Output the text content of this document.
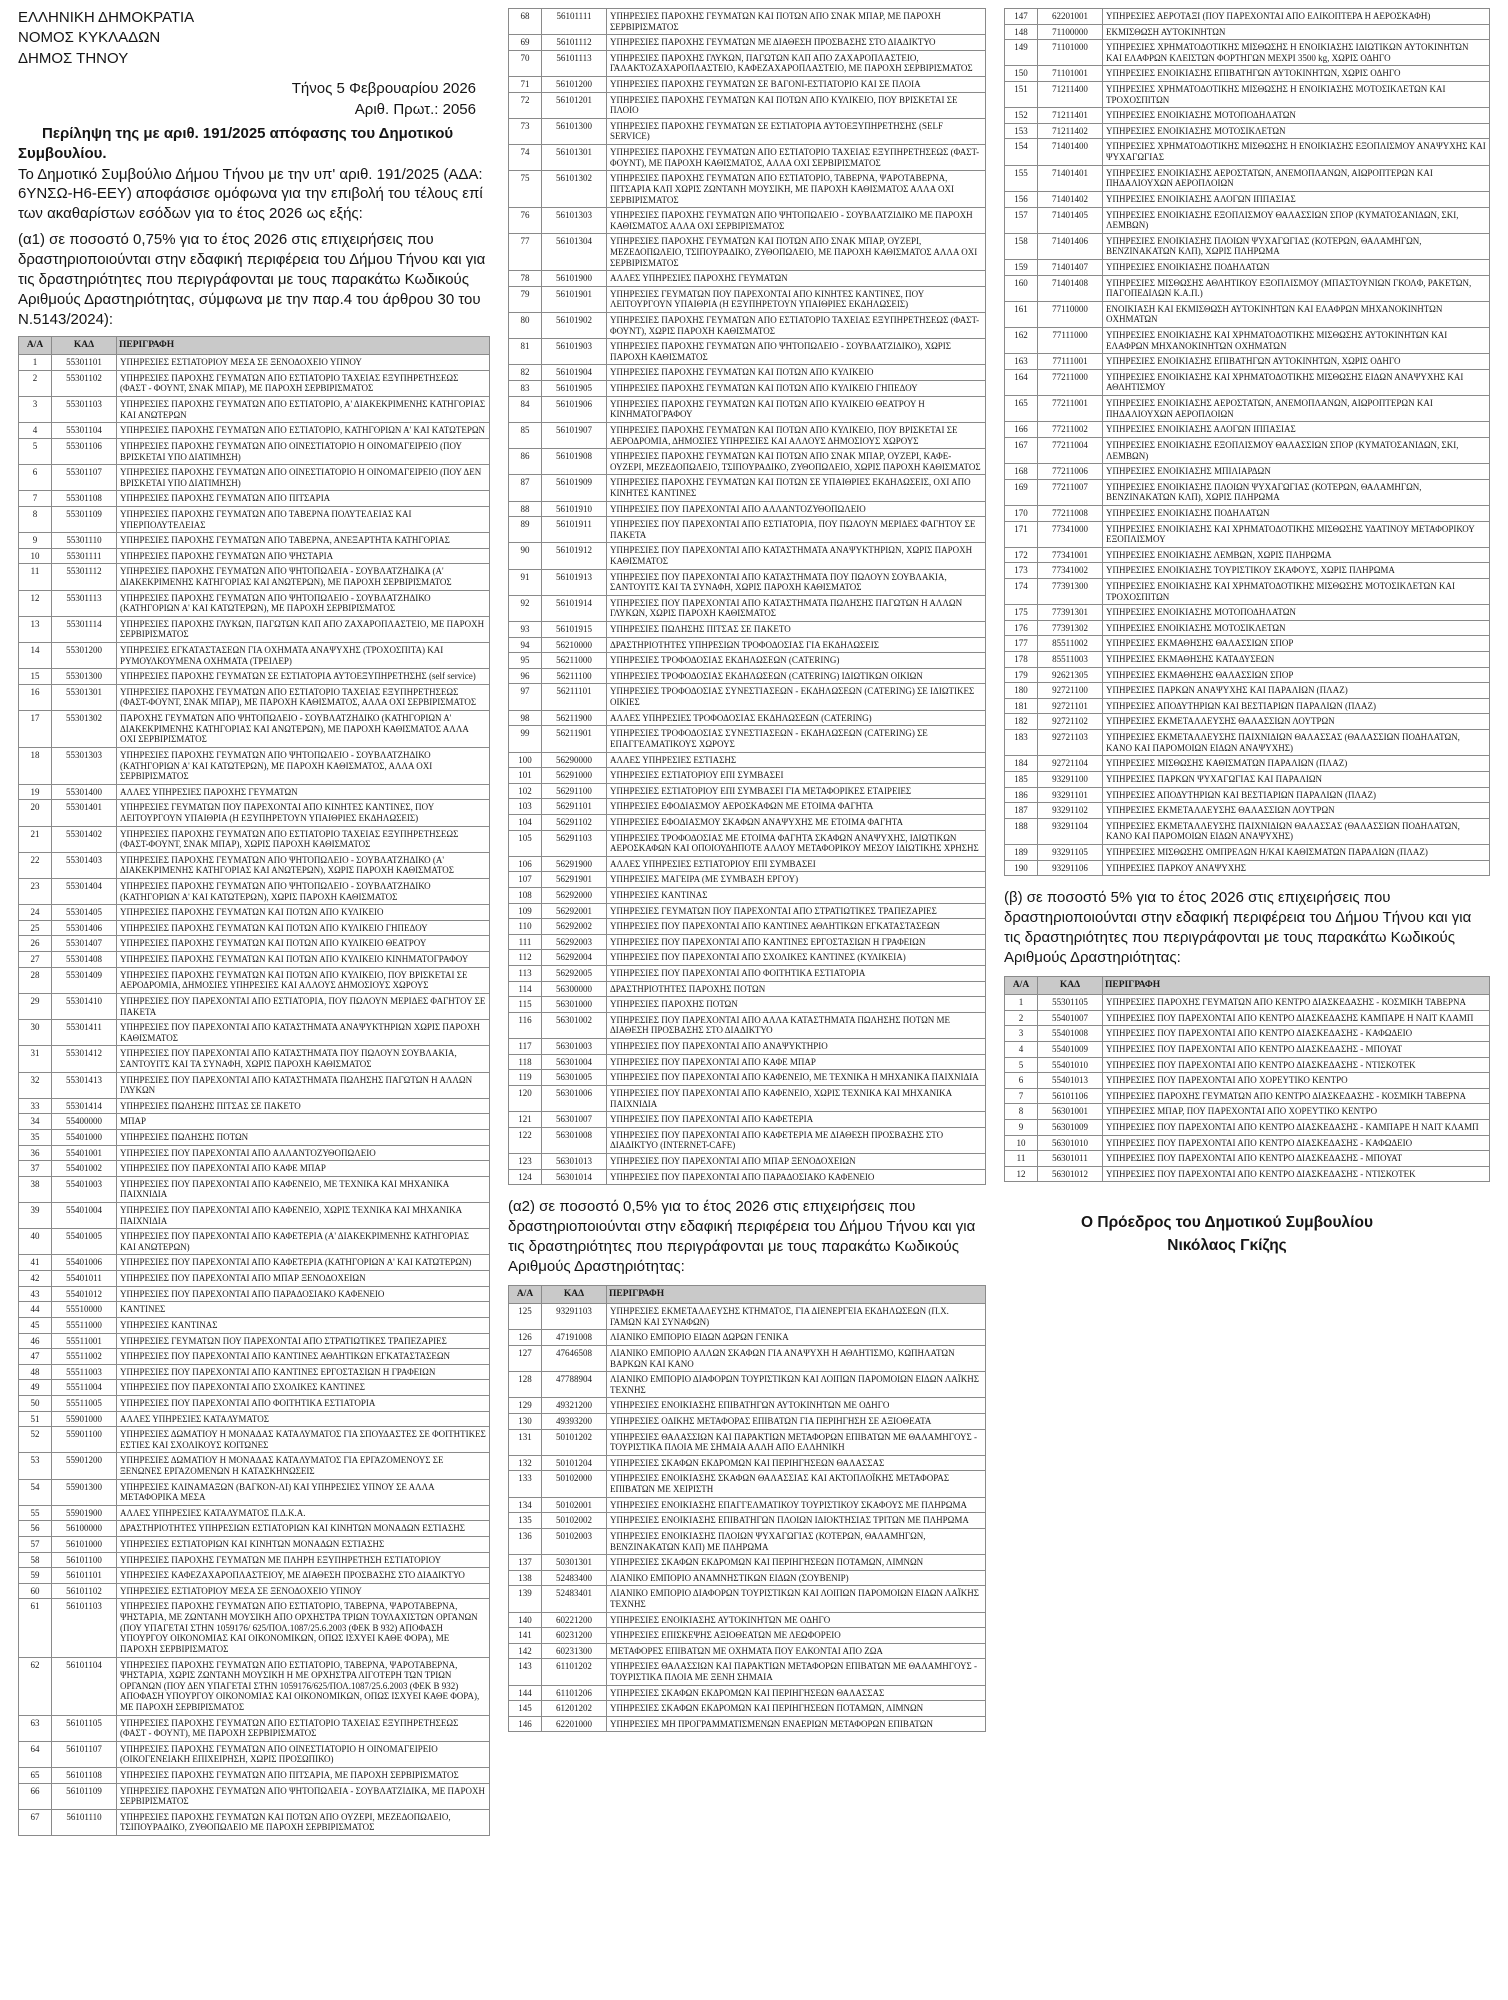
ΕΛΛΗΝΙΚΗ ΔΗΜΟΚΡΑΤΙΑ
ΝΟΜΟΣ ΚΥΚΛΑΔΩΝ
ΔΗΜΟΣ ΤΗΝΟΥ
Τήνος 5 Φεβρουαρίου 2026
Αριθ. Πρωτ.: 2056

Περίληψη της με αριθ. 191/2025 απόφασης του Δημοτικού Συμβουλίου.

Το Δημοτικό Συμβούλιο Δήμου Τήνου με την υπ' αριθ. 191/2025 (ΑΔΑ: 6ΥΝΣΩ-Η6-ΕΕΥ) αποφάσισε ομόφωνα για την επιβολή του τέλους επί των ακαθαρίστων εσόδων για το έτος 2026 ως εξής:

(α1) σε ποσοστό 0,75% για το έτος 2026 στις επιχειρήσεις που δραστηριοποιούνται στην εδαφική περιφέρεια του Δήμου Τήνου και για τις δραστηριότητες που περιγράφονται με τους παρακάτω Κωδικούς Αριθμούς Δραστηριότητας, σύμφωνα με την παρ.4 του άρθρου 30 του Ν.5143/2024):

Α/Α	ΚΑΔ	ΠΕΡΙΓΡΑΦΗ
1	55301101	ΥΠΗΡΕΣΙΕΣ ΕΣΤΙΑΤΟΡΙΟΥ ΜΕΣΑ ΣΕ ΞΕΝΟΔΟΧΕΙΟ ΥΠΝΟΥ
2	55301102	ΥΠΗΡΕΣΙΕΣ ΠΑΡΟΧΗΣ ΓΕΥΜΑΤΩΝ ΑΠΟ ΕΣΤΙΑΤΟΡΙΟ ΤΑΧΕΙΑΣ ΕΞΥΠΗΡΕΤΗΣΕΩΣ (ΦΑΣΤ - ΦΟΥΝΤ, ΣΝΑΚ ΜΠΑΡ), ΜΕ ΠΑΡΟΧΗ ΣΕΡΒΙΡΙΣΜΑΤΟΣ
3	55301103	ΥΠΗΡΕΣΙΕΣ ΠΑΡΟΧΗΣ ΓΕΥΜΑΤΩΝ ΑΠΟ ΕΣΤΙΑΤΟΡΙΟ, Α' ΔΙΑΚΕΚΡΙΜΕΝΗΣ ΚΑΤΗΓΟΡΙΑΣ ΚΑΙ ΑΝΩΤΕΡΩΝ
4	55301104	ΥΠΗΡΕΣΙΕΣ ΠΑΡΟΧΗΣ ΓΕΥΜΑΤΩΝ ΑΠΟ ΕΣΤΙΑΤΟΡΙΟ, ΚΑΤΗΓΟΡΙΩΝ Α' ΚΑΙ ΚΑΤΩΤΕΡΩΝ
5	55301106	ΥΠΗΡΕΣΙΕΣ ΠΑΡΟΧΗΣ ΓΕΥΜΑΤΩΝ ΑΠΟ ΟΙΝΕΣΤΙΑΤΟΡΙΟ Η ΟΙΝΟΜΑΓΕΙΡΕΙΟ (ΠΟΥ ΒΡΙΣΚΕΤΑΙ ΥΠΟ ΔΙΑΤΙΜΗΣΗ)
6	55301107	ΥΠΗΡΕΣΙΕΣ ΠΑΡΟΧΗΣ ΓΕΥΜΑΤΩΝ ΑΠΟ ΟΙΝΕΣΤΙΑΤΟΡΙΟ Η ΟΙΝΟΜΑΓΕΙΡΕΙΟ (ΠΟΥ ΔΕΝ ΒΡΙΣΚΕΤΑΙ ΥΠΟ ΔΙΑΤΙΜΗΣΗ)
7	55301108	ΥΠΗΡΕΣΙΕΣ ΠΑΡΟΧΗΣ ΓΕΥΜΑΤΩΝ ΑΠΟ ΠΙΤΣΑΡΙΑ
8	55301109	ΥΠΗΡΕΣΙΕΣ ΠΑΡΟΧΗΣ ΓΕΥΜΑΤΩΝ ΑΠΟ ΤΑΒΕΡΝΑ ΠΟΛΥΤΕΛΕΙΑΣ ΚΑΙ ΥΠΕΡΠΟΛΥΤΕΛΕΙΑΣ
9	55301110	ΥΠΗΡΕΣΙΕΣ ΠΑΡΟΧΗΣ ΓΕΥΜΑΤΩΝ ΑΠΟ ΤΑΒΕΡΝΑ, ΑΝΕΞΑΡΤΗΤΑ ΚΑΤΗΓΟΡΙΑΣ
10	55301111	ΥΠΗΡΕΣΙΕΣ ΠΑΡΟΧΗΣ ΓΕΥΜΑΤΩΝ ΑΠΟ ΨΗΣΤΑΡΙΑ
11	55301112	ΥΠΗΡΕΣΙΕΣ ΠΑΡΟΧΗΣ ΓΕΥΜΑΤΩΝ ΑΠΟ ΨΗΤΟΠΩΛΕΙΑ - ΣΟΥΒΛΑΤΖΗΔΙΚΑ (Α' ΔΙΑΚΕΚΡΙΜΕΝΗΣ ΚΑΤΗΓΟΡΙΑΣ ΚΑΙ ΑΝΩΤΕΡΩΝ), ΜΕ ΠΑΡΟΧΗ ΣΕΡΒΙΡΙΣΜΑΤΟΣ
12	55301113	ΥΠΗΡΕΣΙΕΣ ΠΑΡΟΧΗΣ ΓΕΥΜΑΤΩΝ ΑΠΟ ΨΗΤΟΠΩΛΕΙΟ - ΣΟΥΒΛΑΤΖΗΔΙΚΟ (ΚΑΤΗΓΟΡΙΩΝ Α' ΚΑΙ ΚΑΤΩΤΕΡΩΝ), ΜΕ ΠΑΡΟΧΗ ΣΕΡΒΙΡΙΣΜΑΤΟΣ
13	55301114	ΥΠΗΡΕΣΙΕΣ ΠΑΡΟΧΗΣ ΓΛΥΚΩΝ, ΠΑΓΩΤΩΝ ΚΛΠ ΑΠΟ ΖΑΧΑΡΟΠΛΑΣΤΕΙΟ, ΜΕ ΠΑΡΟΧΗ ΣΕΡΒΙΡΙΣΜΑΤΟΣ
14	55301200	ΥΠΗΡΕΣΙΕΣ ΕΓΚΑΤΑΣΤΑΣΕΩΝ ΓΙΑ ΟΧΗΜΑΤΑ ΑΝΑΨΥΧΗΣ (ΤΡΟΧΟΣΠΙΤΑ) ΚΑΙ ΡΥΜΟΥΛΚΟΥΜΕΝΑ ΟΧΗΜΑΤΑ (ΤΡΕΙΛΕΡ)
15	55301300	ΥΠΗΡΕΣΙΕΣ ΠΑΡΟΧΗΣ ΓΕΥΜΑΤΩΝ ΣΕ ΕΣΤΙΑΤΟΡΙΑ ΑΥΤΟΕΞΥΠΗΡΕΤΗΣΗΣ (self service)
16	55301301	ΥΠΗΡΕΣΙΕΣ ΠΑΡΟΧΗΣ ΓΕΥΜΑΤΩΝ ΑΠΟ ΕΣΤΙΑΤΟΡΙΟ ΤΑΧΕΙΑΣ ΕΞΥΠΗΡΕΤΗΣΕΩΣ (ΦΑΣΤ-ΦΟΥΝΤ, ΣΝΑΚ ΜΠΑΡ), ΜΕ ΠΑΡΟΧΗ ΚΑΘΙΣΜΑΤΟΣ, ΑΛΛΑ ΟΧΙ ΣΕΡΒΙΡΙΣΜΑΤΟΣ
17	55301302	ΠΑΡΟΧΗΣ ΓΕΥΜΑΤΩΝ ΑΠΟ ΨΗΤΟΠΩΛΕΙΟ - ΣΟΥΒΛΑΤΖΗΔΙΚΟ (ΚΑΤΗΓΟΡΙΩΝ Α' ΔΙΑΚΕΚΡΙΜΕΝΗΣ ΚΑΤΗΓΟΡΙΑΣ ΚΑΙ ΑΝΩΤΕΡΩΝ), ΜΕ ΠΑΡΟΧΗ ΚΑΘΙΣΜΑΤΟΣ ΑΛΛΑ ΟΧΙ ΣΕΡΒΙΡΙΣΜΑΤΟΣ
18	55301303	ΥΠΗΡΕΣΙΕΣ ΠΑΡΟΧΗΣ ΓΕΥΜΑΤΩΝ ΑΠΟ ΨΗΤΟΠΩΛΕΙΟ - ΣΟΥΒΛΑΤΖΗΔΙΚΟ (ΚΑΤΗΓΟΡΙΩΝ Α' ΚΑΙ ΚΑΤΩΤΕΡΩΝ), ΜΕ ΠΑΡΟΧΗ ΚΑΘΙΣΜΑΤΟΣ, ΑΛΛΑ ΟΧΙ ΣΕΡΒΙΡΙΣΜΑΤΟΣ
19	55301400	ΑΛΛΕΣ ΥΠΗΡΕΣΙΕΣ ΠΑΡΟΧΗΣ ΓΕΥΜΑΤΩΝ
20	55301401	ΥΠΗΡΕΣΙΕΣ ΓΕΥΜΑΤΩΝ ΠΟΥ ΠΑΡΕΧΟΝΤΑΙ ΑΠΟ ΚΙΝΗΤΕΣ ΚΑΝΤΙΝΕΣ, ΠΟΥ ΛΕΙΤΟΥΡΓΟΥΝ ΥΠΑΙΘΡΙΑ (Η ΕΞΥΠΗΡΕΤΟΥΝ ΥΠΑΙΘΡΙΕΣ ΕΚΔΗΛΩΣΕΙΣ)
21	55301402	ΥΠΗΡΕΣΙΕΣ ΠΑΡΟΧΗΣ ΓΕΥΜΑΤΩΝ ΑΠΟ ΕΣΤΙΑΤΟΡΙΟ ΤΑΧΕΙΑΣ ΕΞΥΠΗΡΕΤΗΣΕΩΣ (ΦΑΣΤ-ΦΟΥΝΤ, ΣΝΑΚ ΜΠΑΡ), ΧΩΡΙΣ ΠΑΡΟΧΗ ΚΑΘΙΣΜΑΤΟΣ
22	55301403	ΥΠΗΡΕΣΙΕΣ ΠΑΡΟΧΗΣ ΓΕΥΜΑΤΩΝ ΑΠΟ ΨΗΤΟΠΩΛΕΙΟ - ΣΟΥΒΛΑΤΖΗΔΙΚΟ (Α' ΔΙΑΚΕΚΡΙΜΕΝΗΣ ΚΑΤΗΓΟΡΙΑΣ ΚΑΙ ΑΝΩΤΕΡΩΝ), ΧΩΡΙΣ ΠΑΡΟΧΗ ΚΑΘΙΣΜΑΤΟΣ
23	55301404	ΥΠΗΡΕΣΙΕΣ ΠΑΡΟΧΗΣ ΓΕΥΜΑΤΩΝ ΑΠΟ ΨΗΤΟΠΩΛΕΙΟ - ΣΟΥΒΛΑΤΖΗΔΙΚΟ (ΚΑΤΗΓΟΡΙΩΝ Α' ΚΑΙ ΚΑΤΩΤΕΡΩΝ), ΧΩΡΙΣ ΠΑΡΟΧΗ ΚΑΘΙΣΜΑΤΟΣ
24	55301405	ΥΠΗΡΕΣΙΕΣ ΠΑΡΟΧΗΣ ΓΕΥΜΑΤΩΝ ΚΑΙ ΠΟΤΩΝ ΑΠΟ ΚΥΛΙΚΕΙΟ
25	55301406	ΥΠΗΡΕΣΙΕΣ ΠΑΡΟΧΗΣ ΓΕΥΜΑΤΩΝ ΚΑΙ ΠΟΤΩΝ ΑΠΟ ΚΥΛΙΚΕΙΟ ΓΗΠΕΔΟΥ
26	55301407	ΥΠΗΡΕΣΙΕΣ ΠΑΡΟΧΗΣ ΓΕΥΜΑΤΩΝ ΚΑΙ ΠΟΤΩΝ ΑΠΟ ΚΥΛΙΚΕΙΟ ΘΕΑΤΡΟΥ
27	55301408	ΥΠΗΡΕΣΙΕΣ ΠΑΡΟΧΗΣ ΓΕΥΜΑΤΩΝ ΚΑΙ ΠΟΤΩΝ ΑΠΟ ΚΥΛΙΚΕΙΟ ΚΙΝΗΜΑΤΟΓΡΑΦΟΥ
28	55301409	ΥΠΗΡΕΣΙΕΣ ΠΑΡΟΧΗΣ ΓΕΥΜΑΤΩΝ ΚΑΙ ΠΟΤΩΝ ΑΠΟ ΚΥΛΙΚΕΙΟ, ΠΟΥ ΒΡΙΣΚΕΤΑΙ ΣΕ ΑΕΡΟΔΡΟΜΙΑ, ΔΗΜΟΣΙΕΣ ΥΠΗΡΕΣΙΕΣ ΚΑΙ ΑΛΛΟΥΣ ΔΗΜΟΣΙΟΥΣ ΧΩΡΟΥΣ
29	55301410	ΥΠΗΡΕΣΙΕΣ ΠΟΥ ΠΑΡΕΧΟΝΤΑΙ ΑΠΟ ΕΣΤΙΑΤΟΡΙΑ, ΠΟΥ ΠΩΛΟΥΝ ΜΕΡΙΔΕΣ ΦΑΓΗΤΟΥ ΣΕ ΠΑΚΕΤΑ
30	55301411	ΥΠΗΡΕΣΙΕΣ ΠΟΥ ΠΑΡΕΧΟΝΤΑΙ ΑΠΟ ΚΑΤΑΣΤΗΜΑΤΑ ΑΝΑΨΥΚΤΗΡΙΩΝ ΧΩΡΙΣ ΠΑΡΟΧΗ ΚΑΘΙΣΜΑΤΟΣ
31	55301412	ΥΠΗΡΕΣΙΕΣ ΠΟΥ ΠΑΡΕΧΟΝΤΑΙ ΑΠΟ ΚΑΤΑΣΤΗΜΑΤΑ ΠΟΥ ΠΩΛΟΥΝ ΣΟΥΒΛΑΚΙΑ, ΣΑΝΤΟΥΙΤΣ ΚΑΙ ΤΑ ΣΥΝΑΦΗ, ΧΩΡΙΣ ΠΑΡΟΧΗ ΚΑΘΙΣΜΑΤΟΣ
32	55301413	ΥΠΗΡΕΣΙΕΣ ΠΟΥ ΠΑΡΕΧΟΝΤΑΙ ΑΠΟ ΚΑΤΑΣΤΗΜΑΤΑ ΠΩΛΗΣΗΣ ΠΑΓΩΤΩΝ Η ΑΛΛΩΝ ΓΛΥΚΩΝ
33	55301414	ΥΠΗΡΕΣΙΕΣ ΠΩΛΗΣΗΣ ΠΙΤΣΑΣ ΣΕ ΠΑΚΕΤΟ
34	55400000	ΜΠΑΡ
35	55401000	ΥΠΗΡΕΣΙΕΣ ΠΩΛΗΣΗΣ ΠΟΤΩΝ
36	55401001	ΥΠΗΡΕΣΙΕΣ ΠΟΥ ΠΑΡΕΧΟΝΤΑΙ ΑΠΟ ΑΛΛΑΝΤΟΖΥΘΟΠΩΛΕΙΟ
37	55401002	ΥΠΗΡΕΣΙΕΣ ΠΟΥ ΠΑΡΕΧΟΝΤΑΙ ΑΠΟ ΚΑΦΕ ΜΠΑΡ
38	55401003	ΥΠΗΡΕΣΙΕΣ ΠΟΥ ΠΑΡΕΧΟΝΤΑΙ ΑΠΟ ΚΑΦΕΝΕΙΟ, ΜΕ ΤΕΧΝΙΚΑ ΚΑΙ ΜΗΧΑΝΙΚΑ ΠΑΙΧΝΙΔΙΑ
39	55401004	ΥΠΗΡΕΣΙΕΣ ΠΟΥ ΠΑΡΕΧΟΝΤΑΙ ΑΠΟ ΚΑΦΕΝΕΙΟ, ΧΩΡΙΣ ΤΕΧΝΙΚΑ ΚΑΙ ΜΗΧΑΝΙΚΑ ΠΑΙΧΝΙΔΙΑ
40	55401005	ΥΠΗΡΕΣΙΕΣ ΠΟΥ ΠΑΡΕΧΟΝΤΑΙ ΑΠΟ ΚΑΦΕΤΕΡΙΑ (Α' ΔΙΑΚΕΚΡΙΜΕΝΗΣ ΚΑΤΗΓΟΡΙΑΣ ΚΑΙ ΑΝΩΤΕΡΩΝ)
41	55401006	ΥΠΗΡΕΣΙΕΣ ΠΟΥ ΠΑΡΕΧΟΝΤΑΙ ΑΠΟ ΚΑΦΕΤΕΡΙΑ (ΚΑΤΗΓΟΡΙΩΝ Α' ΚΑΙ ΚΑΤΩΤΕΡΩΝ)
42	55401011	ΥΠΗΡΕΣΙΕΣ ΠΟΥ ΠΑΡΕΧΟΝΤΑΙ ΑΠΟ ΜΠΑΡ ΞΕΝΟΔΟΧΕΙΩΝ
43	55401012	ΥΠΗΡΕΣΙΕΣ ΠΟΥ ΠΑΡΕΧΟΝΤΑΙ ΑΠΟ ΠΑΡΑΔΟΣΙΑΚΟ ΚΑΦΕΝΕΙΟ
44	55510000	ΚΑΝΤΙΝΕΣ
45	55511000	ΥΠΗΡΕΣΙΕΣ ΚΑΝΤΙΝΑΣ
46	55511001	ΥΠΗΡΕΣΙΕΣ ΓΕΥΜΑΤΩΝ ΠΟΥ ΠΑΡΕΧΟΝΤΑΙ ΑΠΟ ΣΤΡΑΤΙΩΤΙΚΕΣ ΤΡΑΠΕΖΑΡΙΕΣ
47	55511002	ΥΠΗΡΕΣΙΕΣ ΠΟΥ ΠΑΡΕΧΟΝΤΑΙ ΑΠΟ ΚΑΝΤΙΝΕΣ ΑΘΛΗΤΙΚΩΝ ΕΓΚΑΤΑΣΤΑΣΕΩΝ
48	55511003	ΥΠΗΡΕΣΙΕΣ ΠΟΥ ΠΑΡΕΧΟΝΤΑΙ ΑΠΟ ΚΑΝΤΙΝΕΣ ΕΡΓΟΣΤΑΣΙΩΝ Η ΓΡΑΦΕΙΩΝ
49	55511004	ΥΠΗΡΕΣΙΕΣ ΠΟΥ ΠΑΡΕΧΟΝΤΑΙ ΑΠΟ ΣΧΟΛΙΚΕΣ ΚΑΝΤΙΝΕΣ
50	55511005	ΥΠΗΡΕΣΙΕΣ ΠΟΥ ΠΑΡΕΧΟΝΤΑΙ ΑΠΟ ΦΟΙΤΗΤΙΚΑ ΕΣΤΙΑΤΟΡΙΑ
51	55901000	ΑΛΛΕΣ ΥΠΗΡΕΣΙΕΣ ΚΑΤΑΛΥΜΑΤΟΣ
52	55901100	ΥΠΗΡΕΣΙΕΣ ΔΩΜΑΤΙΟΥ Η ΜΟΝΑΔΑΣ ΚΑΤΑΛΥΜΑΤΟΣ ΓΙΑ ΣΠΟΥΔΑΣΤΕΣ ΣΕ ΦΟΙΤΗΤΙΚΕΣ ΕΣΤΙΕΣ ΚΑΙ ΣΧΟΛΙΚΟΥΣ ΚΟΙΤΩΝΕΣ
53	55901200	ΥΠΗΡΕΣΙΕΣ ΔΩΜΑΤΙΟΥ Η ΜΟΝΑΔΑΣ ΚΑΤΑΛΥΜΑΤΟΣ ΓΙΑ ΕΡΓΑΖΟΜΕΝΟΥΣ ΣΕ ΞΕΝΩΝΕΣ ΕΡΓΑΖΟΜΕΝΩΝ Η ΚΑΤΑΣΚΗΝΩΣΕΙΣ
54	55901300	ΥΠΗΡΕΣΙΕΣ ΚΛΙΝΑΜΑΞΩΝ (ΒΑΓΚΟΝ-ΛΙ) ΚΑΙ ΥΠΗΡΕΣΙΕΣ ΥΠΝΟΥ ΣΕ ΑΛΛΑ ΜΕΤΑΦΟΡΙΚΑ ΜΕΣΑ
55	55901900	ΑΛΛΕΣ ΥΠΗΡΕΣΙΕΣ ΚΑΤΑΛΥΜΑΤΟΣ Π.Δ.Κ.Α.
56	56100000	ΔΡΑΣΤΗΡΙΟΤΗΤΕΣ ΥΠΗΡΕΣΙΩΝ ΕΣΤΙΑΤΟΡΙΩΝ ΚΑΙ ΚΙΝΗΤΩΝ ΜΟΝΑΔΩΝ ΕΣΤΙΑΣΗΣ
57	56101000	ΥΠΗΡΕΣΙΕΣ ΕΣΤΙΑΤΟΡΙΩΝ ΚΑΙ ΚΙΝΗΤΩΝ ΜΟΝΑΔΩΝ ΕΣΤΙΑΣΗΣ
58	56101100	ΥΠΗΡΕΣΙΕΣ ΠΑΡΟΧΗΣ ΓΕΥΜΑΤΩΝ ΜΕ ΠΛΗΡΗ ΕΞΥΠΗΡΕΤΗΣΗ ΕΣΤΙΑΤΟΡΙΟΥ
59	56101101	ΥΠΗΡΕΣΙΕΣ ΚΑΦΕΖΑΧΑΡΟΠΛΑΣΤΕΙΟΥ, ΜΕ ΔΙΑΘΕΣΗ ΠΡΟΣΒΑΣΗΣ ΣΤΟ ΔΙΑΔΙΚΤΥΟ
60	56101102	ΥΠΗΡΕΣΙΕΣ ΕΣΤΙΑΤΟΡΙΟΥ ΜΕΣΑ ΣΕ ΞΕΝΟΔΟΧΕΙΟ ΥΠΝΟΥ
61	56101103	ΥΠΗΡΕΣΙΕΣ ΠΑΡΟΧΗΣ ΓΕΥΜΑΤΩΝ ΑΠΟ ΕΣΤΙΑΤΟΡΙΟ, ΤΑΒΕΡΝΑ, ΨΑΡΟΤΑΒΕΡΝΑ, ΨΗΣΤΑΡΙΑ, ΜΕ ΖΩΝΤΑΝΗ ΜΟΥΣΙΚΗ ΑΠΟ ΟΡΧΗΣΤΡΑ ΤΡΙΩΝ ΤΟΥΛΑΧΙΣΤΩΝ ΟΡΓΑΝΩΝ (ΠΟΥ ΥΠΑΓΕΤΑΙ ΣΤΗΝ 1059176/ 625/ΠΟΛ.1087/25.6.2003 (ΦΕΚ Β 932) ΑΠΟΦΑΣΗ ΥΠΟΥΡΓΟΥ ΟΙΚΟΝΟΜΙΑΣ ΚΑΙ ΟΙΚΟΝΟΜΙΚΩΝ, ΟΠΩΣ ΙΣΧΥΕΙ ΚΑΘΕ ΦΟΡΑ), ΜΕ ΠΑΡΟΧΗ ΣΕΡΒΙΡΙΣΜΑΤΟΣ
62	56101104	ΥΠΗΡΕΣΙΕΣ ΠΑΡΟΧΗΣ ΓΕΥΜΑΤΩΝ ΑΠΟ ΕΣΤΙΑΤΟΡΙΟ, ΤΑΒΕΡΝΑ, ΨΑΡΟΤΑΒΕΡΝΑ, ΨΗΣΤΑΡΙΑ, ΧΩΡΙΣ ΖΩΝΤΑΝΗ ΜΟΥΣΙΚΗ Η ΜΕ ΟΡΧΗΣΤΡΑ ΛΙΓΟΤΕΡΗ ΤΩΝ ΤΡΙΩΝ ΟΡΓΑΝΩΝ (ΠΟΥ ΔΕΝ ΥΠΑΓΕΤΑΙ ΣΤΗΝ 1059176/625/ΠΟΛ.1087/25.6.2003 (ΦΕΚ Β 932) ΑΠΟΦΑΣΗ ΥΠΟΥΡΓΟΥ ΟΙΚΟΝΟΜΙΑΣ ΚΑΙ ΟΙΚΟΝΟΜΙΚΩΝ, ΟΠΩΣ ΙΣΧΥΕΙ ΚΑΘΕ ΦΟΡΑ), ΜΕ ΠΑΡΟΧΗ ΣΕΡΒΙΡΙΣΜΑΤΟΣ
63	56101105	ΥΠΗΡΕΣΙΕΣ ΠΑΡΟΧΗΣ ΓΕΥΜΑΤΩΝ ΑΠΟ ΕΣΤΙΑΤΟΡΙΟ ΤΑΧΕΙΑΣ ΕΞΥΠΗΡΕΤΗΣΕΩΣ (ΦΑΣΤ - ΦΟΥΝΤ), ΜΕ ΠΑΡΟΧΗ ΣΕΡΒΙΡΙΣΜΑΤΟΣ
64	56101107	ΥΠΗΡΕΣΙΕΣ ΠΑΡΟΧΗΣ ΓΕΥΜΑΤΩΝ ΑΠΟ ΟΙΝΕΣΤΙΑΤΟΡΙΟ Η ΟΙΝΟΜΑΓΕΙΡΕΙΟ (ΟΙΚΟΓΕΝΕΙΑΚΗ ΕΠΙΧΕΙΡΗΣΗ, ΧΩΡΙΣ ΠΡΟΣΩΠΙΚΟ)
65	56101108	ΥΠΗΡΕΣΙΕΣ ΠΑΡΟΧΗΣ ΓΕΥΜΑΤΩΝ ΑΠΟ ΠΙΤΣΑΡΙΑ, ΜΕ ΠΑΡΟΧΗ ΣΕΡΒΙΡΙΣΜΑΤΟΣ
66	56101109	ΥΠΗΡΕΣΙΕΣ ΠΑΡΟΧΗΣ ΓΕΥΜΑΤΩΝ ΑΠΟ ΨΗΤΟΠΩΛΕΙΑ - ΣΟΥΒΛΑΤΖΙΔΙΚΑ, ΜΕ ΠΑΡΟΧΗ ΣΕΡΒΙΡΙΣΜΑΤΟΣ
67	56101110	ΥΠΗΡΕΣΙΕΣ ΠΑΡΟΧΗΣ ΓΕΥΜΑΤΩΝ ΚΑΙ ΠΟΤΩΝ ΑΠΟ ΟΥΖΕΡΙ, ΜΕΖΕΔΟΠΩΛΕΙΟ, ΤΣΙΠΟΥΡΑΔΙΚΟ, ΖΥΘΟΠΩΛΕΙΟ ΜΕ ΠΑΡΟΧΗ ΣΕΡΒΙΡΙΣΜΑΤΟΣ
68	56101111	ΥΠΗΡΕΣΙΕΣ ΠΑΡΟΧΗΣ ΓΕΥΜΑΤΩΝ ΚΑΙ ΠΟΤΩΝ ΑΠΟ ΣΝΑΚ ΜΠΑΡ, ΜΕ ΠΑΡΟΧΗ ΣΕΡΒΙΡΙΣΜΑΤΟΣ
69	56101112	ΥΠΗΡΕΣΙΕΣ ΠΑΡΟΧΗΣ ΓΕΥΜΑΤΩΝ ΜΕ ΔΙΑΘΕΣΗ ΠΡΟΣΒΑΣΗΣ ΣΤΟ ΔΙΑΔΙΚΤΥΟ
70	56101113	ΥΠΗΡΕΣΙΕΣ ΠΑΡΟΧΗΣ ΓΛΥΚΩΝ, ΠΑΓΩΤΩΝ ΚΛΠ ΑΠΟ ΖΑΧΑΡΟΠΛΑΣΤΕΙΟ, ΓΑΛΑΚΤΟΖΑΧΑΡΟΠΛΑΣΤΕΙΟ, ΚΑΦΕΖΑΧΑΡΟΠΛΑΣΤΕΙΟ, ΜΕ ΠΑΡΟΧΗ ΣΕΡΒΙΡΙΣΜΑΤΟΣ
71	56101200	ΥΠΗΡΕΣΙΕΣ ΠΑΡΟΧΗΣ ΓΕΥΜΑΤΩΝ ΣΕ ΒΑΓΟΝΙ-ΕΣΤΙΑΤΟΡΙΟ ΚΑΙ ΣΕ ΠΛΟΙΑ
72	56101201	ΥΠΗΡΕΣΙΕΣ ΠΑΡΟΧΗΣ ΓΕΥΜΑΤΩΝ ΚΑΙ ΠΟΤΩΝ ΑΠΟ ΚΥΛΙΚΕΙΟ, ΠΟΥ ΒΡΙΣΚΕΤΑΙ ΣΕ ΠΛΟΙΟ
73	56101300	ΥΠΗΡΕΣΙΕΣ ΠΑΡΟΧΗΣ ΓΕΥΜΑΤΩΝ ΣΕ ΕΣΤΙΑΤΟΡΙΑ ΑΥΤΟΕΞΥΠΗΡΕΤΗΣΗΣ (SELF SERVICE)
74	56101301	ΥΠΗΡΕΣΙΕΣ ΠΑΡΟΧΗΣ ΓΕΥΜΑΤΩΝ ΑΠΟ ΕΣΤΙΑΤΟΡΙΟ ΤΑΧΕΙΑΣ ΕΞΥΠΗΡΕΤΗΣΕΩΣ (ΦΑΣΤ-ΦΟΥΝΤ), ΜΕ ΠΑΡΟΧΗ ΚΑΘΙΣΜΑΤΟΣ, ΑΛΛΑ ΟΧΙ ΣΕΡΒΙΡΙΣΜΑΤΟΣ
75	56101302	ΥΠΗΡΕΣΙΕΣ ΠΑΡΟΧΗΣ ΓΕΥΜΑΤΩΝ ΑΠΟ ΕΣΤΙΑΤΟΡΙΟ, ΤΑΒΕΡΝΑ, ΨΑΡΟΤΑΒΕΡΝΑ, ΠΙΤΣΑΡΙΑ ΚΛΠ ΧΩΡΙΣ ΖΩΝΤΑΝΗ ΜΟΥΣΙΚΗ, ΜΕ ΠΑΡΟΧΗ ΚΑΘΙΣΜΑΤΟΣ ΑΛΛΑ ΟΧΙ ΣΕΡΒΙΡΙΣΜΑΤΟΣ
76	56101303	ΥΠΗΡΕΣΙΕΣ ΠΑΡΟΧΗΣ ΓΕΥΜΑΤΩΝ ΑΠΟ ΨΗΤΟΠΩΛΕΙΟ - ΣΟΥΒΛΑΤΖΙΔΙΚΟ ΜΕ ΠΑΡΟΧΗ ΚΑΘΙΣΜΑΤΟΣ ΑΛΛΑ ΟΧΙ ΣΕΡΒΙΡΙΣΜΑΤΟΣ
77	56101304	ΥΠΗΡΕΣΙΕΣ ΠΑΡΟΧΗΣ ΓΕΥΜΑΤΩΝ ΚΑΙ ΠΟΤΩΝ ΑΠΟ ΣΝΑΚ ΜΠΑΡ, ΟΥΖΕΡΙ, ΜΕΖΕΔΟΠΩΛΕΙΟ, ΤΣΙΠΟΥΡΑΔΙΚΟ, ΖΥΘΟΠΩΛΕΙΟ, ΜΕ ΠΑΡΟΧΗ ΚΑΘΙΣΜΑΤΟΣ ΑΛΛΑ ΟΧΙ ΣΕΡΒΙΡΙΣΜΑΤΟΣ
78	56101900	ΑΛΛΕΣ ΥΠΗΡΕΣΙΕΣ ΠΑΡΟΧΗΣ ΓΕΥΜΑΤΩΝ
79	56101901	ΥΠΗΡΕΣΙΕΣ ΓΕΥΜΑΤΩΝ ΠΟΥ ΠΑΡΕΧΟΝΤΑΙ ΑΠΟ ΚΙΝΗΤΕΣ ΚΑΝΤΙΝΕΣ, ΠΟΥ ΛΕΙΤΟΥΡΓΟΥΝ ΥΠΑΙΘΡΙΑ (Η ΕΞΥΠΗΡΕΤΟΥΝ ΥΠΑΙΘΡΙΕΣ ΕΚΔΗΛΩΣΕΙΣ)
80	56101902	ΥΠΗΡΕΣΙΕΣ ΠΑΡΟΧΗΣ ΓΕΥΜΑΤΩΝ ΑΠΟ ΕΣΤΙΑΤΟΡΙΟ ΤΑΧΕΙΑΣ ΕΞΥΠΗΡΕΤΗΣΕΩΣ (ΦΑΣΤ-ΦΟΥΝΤ), ΧΩΡΙΣ ΠΑΡΟΧΗ ΚΑΘΙΣΜΑΤΟΣ
81	56101903	ΥΠΗΡΕΣΙΕΣ ΠΑΡΟΧΗΣ ΓΕΥΜΑΤΩΝ ΑΠΟ ΨΗΤΟΠΩΛΕΙΟ - ΣΟΥΒΛΑΤΖΙΔΙΚΟ), ΧΩΡΙΣ ΠΑΡΟΧΗ ΚΑΘΙΣΜΑΤΟΣ
82	56101904	ΥΠΗΡΕΣΙΕΣ ΠΑΡΟΧΗΣ ΓΕΥΜΑΤΩΝ ΚΑΙ ΠΟΤΩΝ ΑΠΟ ΚΥΛΙΚΕΙΟ
83	56101905	ΥΠΗΡΕΣΙΕΣ ΠΑΡΟΧΗΣ ΓΕΥΜΑΤΩΝ ΚΑΙ ΠΟΤΩΝ ΑΠΟ ΚΥΛΙΚΕΙΟ ΓΗΠΕΔΟΥ
84	56101906	ΥΠΗΡΕΣΙΕΣ ΠΑΡΟΧΗΣ ΓΕΥΜΑΤΩΝ ΚΑΙ ΠΟΤΩΝ ΑΠΟ ΚΥΛΙΚΕΙΟ ΘΕΑΤΡΟΥ Η ΚΙΝΗΜΑΤΟΓΡΑΦΟΥ
85	56101907	ΥΠΗΡΕΣΙΕΣ ΠΑΡΟΧΗΣ ΓΕΥΜΑΤΩΝ ΚΑΙ ΠΟΤΩΝ ΑΠΟ ΚΥΛΙΚΕΙΟ, ΠΟΥ ΒΡΙΣΚΕΤΑΙ ΣΕ ΑΕΡΟΔΡΟΜΙΑ, ΔΗΜΟΣΙΕΣ ΥΠΗΡΕΣΙΕΣ ΚΑΙ ΑΛΛΟΥΣ ΔΗΜΟΣΙΟΥΣ ΧΩΡΟΥΣ
86	56101908	ΥΠΗΡΕΣΙΕΣ ΠΑΡΟΧΗΣ ΓΕΥΜΑΤΩΝ ΚΑΙ ΠΟΤΩΝ ΑΠΟ ΣΝΑΚ ΜΠΑΡ, ΟΥΖΕΡΙ, ΚΑΦΕ-ΟΥΖΕΡΙ, ΜΕΖΕΔΟΠΩΛΕΙΟ, ΤΣΙΠΟΥΡΑΔΙΚΟ, ΖΥΘΟΠΩΛΕΙΟ, ΧΩΡΙΣ ΠΑΡΟΧΗ ΚΑΘΙΣΜΑΤΟΣ
87	56101909	ΥΠΗΡΕΣΙΕΣ ΠΑΡΟΧΗΣ ΓΕΥΜΑΤΩΝ ΚΑΙ ΠΟΤΩΝ ΣΕ ΥΠΑΙΘΡΙΕΣ ΕΚΔΗΛΩΣΕΙΣ, ΟΧΙ ΑΠΟ ΚΙΝΗΤΕΣ ΚΑΝΤΙΝΕΣ
88	56101910	ΥΠΗΡΕΣΙΕΣ ΠΟΥ ΠΑΡΕΧΟΝΤΑΙ ΑΠΟ ΑΛΛΑΝΤΟΖΥΘΟΠΩΛΕΙΟ
89	56101911	ΥΠΗΡΕΣΙΕΣ ΠΟΥ ΠΑΡΕΧΟΝΤΑΙ ΑΠΟ ΕΣΤΙΑΤΟΡΙΑ, ΠΟΥ ΠΩΛΟΥΝ ΜΕΡΙΔΕΣ ΦΑΓΗΤΟΥ ΣΕ ΠΑΚΕΤΑ
90	56101912	ΥΠΗΡΕΣΙΕΣ ΠΟΥ ΠΑΡΕΧΟΝΤΑΙ ΑΠΟ ΚΑΤΑΣΤΗΜΑΤΑ ΑΝΑΨΥΚΤΗΡΙΩΝ, ΧΩΡΙΣ ΠΑΡΟΧΗ ΚΑΘΙΣΜΑΤΟΣ
91	56101913	ΥΠΗΡΕΣΙΕΣ ΠΟΥ ΠΑΡΕΧΟΝΤΑΙ ΑΠΟ ΚΑΤΑΣΤΗΜΑΤΑ ΠΟΥ ΠΩΛΟΥΝ ΣΟΥΒΛΑΚΙΑ, ΣΑΝΤΟΥΙΤΣ ΚΑΙ ΤΑ ΣΥΝΑΦΗ, ΧΩΡΙΣ ΠΑΡΟΧΗ ΚΑΘΙΣΜΑΤΟΣ
92	56101914	ΥΠΗΡΕΣΙΕΣ ΠΟΥ ΠΑΡΕΧΟΝΤΑΙ ΑΠΟ ΚΑΤΑΣΤΗΜΑΤΑ ΠΩΛΗΣΗΣ ΠΑΓΩΤΩΝ Η ΑΛΛΩΝ ΓΛΥΚΩΝ, ΧΩΡΙΣ ΠΑΡΟΧΗ ΚΑΘΙΣΜΑΤΟΣ
93	56101915	ΥΠΗΡΕΣΙΕΣ ΠΩΛΗΣΗΣ ΠΙΤΣΑΣ ΣΕ ΠΑΚΕΤΟ
94	56210000	ΔΡΑΣΤΗΡΙΟΤΗΤΕΣ ΥΠΗΡΕΣΙΩΝ ΤΡΟΦΟΔΟΣΙΑΣ ΓΙΑ ΕΚΔΗΛΩΣΕΙΣ
95	56211000	ΥΠΗΡΕΣΙΕΣ ΤΡΟΦΟΔΟΣΙΑΣ ΕΚΔΗΛΩΣΕΩΝ (CATERING)
96	56211100	ΥΠΗΡΕΣΙΕΣ ΤΡΟΦΟΔΟΣΙΑΣ ΕΚΔΗΛΩΣΕΩΝ (CATERING) ΙΔΙΩΤΙΚΩΝ ΟΙΚΙΩΝ
97	56211101	ΥΠΗΡΕΣΙΕΣ ΤΡΟΦΟΔΟΣΙΑΣ ΣΥΝΕΣΤΙΑΣΕΩΝ - ΕΚΔΗΛΩΣΕΩΝ (CATERING) ΣΕ ΙΔΙΩΤΙΚΕΣ ΟΙΚΙΕΣ
98	56211900	ΑΛΛΕΣ ΥΠΗΡΕΣΙΕΣ ΤΡΟΦΟΔΟΣΙΑΣ ΕΚΔΗΛΩΣΕΩΝ (CATERING)
99	56211901	ΥΠΗΡΕΣΙΕΣ ΤΡΟΦΟΔΟΣΙΑΣ ΣΥΝΕΣΤΙΑΣΕΩΝ - ΕΚΔΗΛΩΣΕΩΝ (CATERING) ΣΕ ΕΠΑΓΓΕΛΜΑΤΙΚΟΥΣ ΧΩΡΟΥΣ
100	56290000	ΑΛΛΕΣ ΥΠΗΡΕΣΙΕΣ ΕΣΤΙΑΣΗΣ
101	56291000	ΥΠΗΡΕΣΙΕΣ ΕΣΤΙΑΤΟΡΙΟΥ ΕΠΙ ΣΥΜΒΑΣΕΙ
102	56291100	ΥΠΗΡΕΣΙΕΣ ΕΣΤΙΑΤΟΡΙΟΥ ΕΠΙ ΣΥΜΒΑΣΕΙ ΓΙΑ ΜΕΤΑΦΟΡΙΚΕΣ ΕΤΑΙΡΕΙΕΣ
103	56291101	ΥΠΗΡΕΣΙΕΣ ΕΦΟΔΙΑΣΜΟΥ ΑΕΡΟΣΚΑΦΩΝ ΜΕ ΕΤΟΙΜΑ ΦΑΓΗΤΑ
104	56291102	ΥΠΗΡΕΣΙΕΣ ΕΦΟΔΙΑΣΜΟΥ ΣΚΑΦΩΝ ΑΝΑΨΥΧΗΣ ΜΕ ΕΤΟΙΜΑ ΦΑΓΗΤΑ
105	56291103	ΥΠΗΡΕΣΙΕΣ ΤΡΟΦΟΔΟΣΙΑΣ ΜΕ ΕΤΟΙΜΑ ΦΑΓΗΤΑ ΣΚΑΦΩΝ ΑΝΑΨΥΧΗΣ, ΙΔΙΩΤΙΚΩΝ ΑΕΡΟΣΚΑΦΩΝ ΚΑΙ ΟΠΟΙΟΥΔΗΠΟΤΕ ΑΛΛΟΥ ΜΕΤΑΦΟΡΙΚΟΥ ΜΕΣΟΥ ΙΔΙΩΤΙΚΗΣ ΧΡΗΣΗΣ
106	56291900	ΑΛΛΕΣ ΥΠΗΡΕΣΙΕΣ ΕΣΤΙΑΤΟΡΙΟΥ ΕΠΙ ΣΥΜΒΑΣΕΙ
107	56291901	ΥΠΗΡΕΣΙΕΣ ΜΑΓΕΙΡΑ (ΜΕ ΣΥΜΒΑΣΗ ΕΡΓΟΥ)
108	56292000	ΥΠΗΡΕΣΙΕΣ ΚΑΝΤΙΝΑΣ
109	56292001	ΥΠΗΡΕΣΙΕΣ ΓΕΥΜΑΤΩΝ ΠΟΥ ΠΑΡΕΧΟΝΤΑΙ ΑΠΟ ΣΤΡΑΤΙΩΤΙΚΕΣ ΤΡΑΠΕΖΑΡΙΕΣ
110	56292002	ΥΠΗΡΕΣΙΕΣ ΠΟΥ ΠΑΡΕΧΟΝΤΑΙ ΑΠΟ ΚΑΝΤΙΝΕΣ ΑΘΛΗΤΙΚΩΝ ΕΓΚΑΤΑΣΤΑΣΕΩΝ
111	56292003	ΥΠΗΡΕΣΙΕΣ ΠΟΥ ΠΑΡΕΧΟΝΤΑΙ ΑΠΟ ΚΑΝΤΙΝΕΣ ΕΡΓΟΣΤΑΣΙΩΝ Η ΓΡΑΦΕΙΩΝ
112	56292004	ΥΠΗΡΕΣΙΕΣ ΠΟΥ ΠΑΡΕΧΟΝΤΑΙ ΑΠΟ ΣΧΟΛΙΚΕΣ ΚΑΝΤΙΝΕΣ (ΚΥΛΙΚΕΙΑ)
113	56292005	ΥΠΗΡΕΣΙΕΣ ΠΟΥ ΠΑΡΕΧΟΝΤΑΙ ΑΠΟ ΦΟΙΤΗΤΙΚΑ ΕΣΤΙΑΤΟΡΙΑ
114	56300000	ΔΡΑΣΤΗΡΙΟΤΗΤΕΣ ΠΑΡΟΧΗΣ ΠΟΤΩΝ
115	56301000	ΥΠΗΡΕΣΙΕΣ ΠΑΡΟΧΗΣ ΠΟΤΩΝ
116	56301002	ΥΠΗΡΕΣΙΕΣ ΠΟΥ ΠΑΡΕΧΟΝΤΑΙ ΑΠΟ ΑΛΛΑ ΚΑΤΑΣΤΗΜΑΤΑ ΠΩΛΗΣΗΣ ΠΟΤΩΝ ΜΕ ΔΙΑΘΕΣΗ ΠΡΟΣΒΑΣΗΣ ΣΤΟ ΔΙΑΔΙΚΤΥΟ
117	56301003	ΥΠΗΡΕΣΙΕΣ ΠΟΥ ΠΑΡΕΧΟΝΤΑΙ ΑΠΟ ΑΝΑΨΥΚΤΗΡΙΟ
118	56301004	ΥΠΗΡΕΣΙΕΣ ΠΟΥ ΠΑΡΕΧΟΝΤΑΙ ΑΠΟ ΚΑΦΕ ΜΠΑΡ
119	56301005	ΥΠΗΡΕΣΙΕΣ ΠΟΥ ΠΑΡΕΧΟΝΤΑΙ ΑΠΟ ΚΑΦΕΝΕΙΟ, ΜΕ ΤΕΧΝΙΚΑ Η ΜΗΧΑΝΙΚΑ ΠΑΙΧΝΙΔΙΑ
120	56301006	ΥΠΗΡΕΣΙΕΣ ΠΟΥ ΠΑΡΕΧΟΝΤΑΙ ΑΠΟ ΚΑΦΕΝΕΙΟ, ΧΩΡΙΣ ΤΕΧΝΙΚΑ ΚΑΙ ΜΗΧΑΝΙΚΑ ΠΑΙΧΝΙΔΙΑ
121	56301007	ΥΠΗΡΕΣΙΕΣ ΠΟΥ ΠΑΡΕΧΟΝΤΑΙ ΑΠΟ ΚΑΦΕΤΕΡΙΑ
122	56301008	ΥΠΗΡΕΣΙΕΣ ΠΟΥ ΠΑΡΕΧΟΝΤΑΙ ΑΠΟ ΚΑΦΕΤΕΡΙΑ ΜΕ ΔΙΑΘΕΣΗ ΠΡΟΣΒΑΣΗΣ ΣΤΟ ΔΙΑΔΙΚΤΥΟ (INTERNET-CAFE)
123	56301013	ΥΠΗΡΕΣΙΕΣ ΠΟΥ ΠΑΡΕΧΟΝΤΑΙ ΑΠΟ ΜΠΑΡ ΞΕΝΟΔΟΧΕΙΩΝ
124	56301014	ΥΠΗΡΕΣΙΕΣ ΠΟΥ ΠΑΡΕΧΟΝΤΑΙ ΑΠΟ ΠΑΡΑΔΟΣΙΑΚΟ ΚΑΦΕΝΕΙΟ

(α2) σε ποσοστό 0,5% για το έτος 2026 στις επιχειρήσεις που δραστηριοποιούνται στην εδαφική περιφέρεια του Δήμου Τήνου και για τις δραστηριότητες που περιγράφονται με τους παρακάτω Κωδικούς Αριθμούς Δραστηριότητας:

Α/Α	ΚΑΔ	ΠΕΡΙΓΡΑΦΗ
125	93291103	ΥΠΗΡΕΣΙΕΣ ΕΚΜΕΤΑΛΛΕΥΣΗΣ ΚΤΗΜΑΤΟΣ, ΓΙΑ ΔΙΕΝΕΡΓΕΙΑ ΕΚΔΗΛΩΣΕΩΝ (Π.Χ. ΓΑΜΩΝ ΚΑΙ ΣΥΝΑΦΩΝ)
126	47191008	ΛΙΑΝΙΚΟ ΕΜΠΟΡΙΟ ΕΙΔΩΝ ΔΩΡΩΝ ΓΕΝΙΚΑ
127	47646508	ΛΙΑΝΙΚΟ ΕΜΠΟΡΙΟ ΑΛΛΩΝ ΣΚΑΦΩΝ ΓΙΑ ΑΝΑΨΥΧΗ Η ΑΘΛΗΤΙΣΜΟ, ΚΩΠΗΛΑΤΩΝ ΒΑΡΚΩΝ ΚΑΙ ΚΑΝΟ
128	47788904	ΛΙΑΝΙΚΟ ΕΜΠΟΡΙΟ ΔΙΑΦΟΡΩΝ ΤΟΥΡΙΣΤΙΚΩΝ ΚΑΙ ΛΟΙΠΩΝ ΠΑΡΟΜΟΙΩΝ ΕΙΔΩΝ ΛΑΪΚΗΣ ΤΕΧΝΗΣ
129	49321200	ΥΠΗΡΕΣΙΕΣ ΕΝΟΙΚΙΑΣΗΣ ΕΠΙΒΑΤΗΓΩΝ ΑΥΤΟΚΙΝΗΤΩΝ ΜΕ ΟΔΗΓΟ
130	49393200	ΥΠΗΡΕΣΙΕΣ ΟΔΙΚΗΣ ΜΕΤΑΦΟΡΑΣ ΕΠΙΒΑΤΩΝ ΓΙΑ ΠΕΡΙΗΓΗΣΗ ΣΕ ΑΞΙΟΘΕΑΤΑ
131	50101202	ΥΠΗΡΕΣΙΕΣ ΘΑΛΑΣΣΙΩΝ ΚΑΙ ΠΑΡΑΚΤΙΩΝ ΜΕΤΑΦΟΡΩΝ ΕΠΙΒΑΤΩΝ ΜΕ ΘΑΛΑΜΗΓΟΥΣ - ΤΟΥΡΙΣΤΙΚΑ ΠΛΟΙΑ ΜΕ ΣΗΜΑΙΑ ΑΛΛΗ ΑΠΟ ΕΛΛΗΝΙΚΗ
132	50101204	ΥΠΗΡΕΣΙΕΣ ΣΚΑΦΩΝ ΕΚΔΡΟΜΩΝ ΚΑΙ ΠΕΡΙΗΓΗΣΕΩΝ ΘΑΛΑΣΣΑΣ
133	50102000	ΥΠΗΡΕΣΙΕΣ ΕΝΟΙΚΙΑΣΗΣ ΣΚΑΦΩΝ ΘΑΛΑΣΣΙΑΣ ΚΑΙ ΑΚΤΟΠΛΟΪΚΗΣ ΜΕΤΑΦΟΡΑΣ ΕΠΙΒΑΤΩΝ ΜΕ ΧΕΙΡΙΣΤΗ
134	50102001	ΥΠΗΡΕΣΙΕΣ ΕΝΟΙΚΙΑΣΗΣ ΕΠΑΓΓΕΛΜΑΤΙΚΟΥ ΤΟΥΡΙΣΤΙΚΟΥ ΣΚΑΦΟΥΣ ΜΕ ΠΛΗΡΩΜΑ
135	50102002	ΥΠΗΡΕΣΙΕΣ ΕΝΟΙΚΙΑΣΗΣ ΕΠΙΒΑΤΗΓΩΝ ΠΛΟΙΩΝ ΙΔΙΟΚΤΗΣΙΑΣ ΤΡΙΤΩΝ ΜΕ ΠΛΗΡΩΜΑ
136	50102003	ΥΠΗΡΕΣΙΕΣ ΕΝΟΙΚΙΑΣΗΣ ΠΛΟΙΩΝ ΨΥΧΑΓΩΓΙΑΣ (ΚΟΤΕΡΩΝ, ΘΑΛΑΜΗΓΩΝ, ΒΕΝΖΙΝΑΚΑΤΩΝ ΚΛΠ) ΜΕ ΠΛΗΡΩΜΑ
137	50301301	ΥΠΗΡΕΣΙΕΣ ΣΚΑΦΩΝ ΕΚΔΡΟΜΩΝ ΚΑΙ ΠΕΡΙΗΓΗΣΕΩΝ ΠΟΤΑΜΩΝ, ΛΙΜΝΩΝ
138	52483400	ΛΙΑΝΙΚΟ ΕΜΠΟΡΙΟ ΑΝΑΜΝΗΣΤΙΚΩΝ ΕΙΔΩΝ (ΣΟΥΒΕΝΙΡ)
139	52483401	ΛΙΑΝΙΚΟ ΕΜΠΟΡΙΟ ΔΙΑΦΟΡΩΝ ΤΟΥΡΙΣΤΙΚΩΝ ΚΑΙ ΛΟΙΠΩΝ ΠΑΡΟΜΟΙΩΝ ΕΙΔΩΝ ΛΑΪΚΗΣ ΤΕΧΝΗΣ
140	60221200	ΥΠΗΡΕΣΙΕΣ ΕΝΟΙΚΙΑΣΗΣ ΑΥΤΟΚΙΝΗΤΩΝ ΜΕ ΟΔΗΓΟ
141	60231200	ΥΠΗΡΕΣΙΕΣ ΕΠΙΣΚΕΨΗΣ ΑΞΙΟΘΕΑΤΩΝ ΜΕ ΛΕΩΦΟΡΕΙΟ
142	60231300	ΜΕΤΑΦΟΡΕΣ ΕΠΙΒΑΤΩΝ ΜΕ ΟΧΗΜΑΤΑ ΠΟΥ ΕΛΚΟΝΤΑΙ ΑΠΟ ΖΩΑ
143	61101202	ΥΠΗΡΕΣΙΕΣ ΘΑΛΑΣΣΙΩΝ ΚΑΙ ΠΑΡΑΚΤΙΩΝ ΜΕΤΑΦΟΡΩΝ ΕΠΙΒΑΤΩΝ ΜΕ ΘΑΛΑΜΗΓΟΥΣ - ΤΟΥΡΙΣΤΙΚΑ ΠΛΟΙΑ ΜΕ ΞΕΝΗ ΣΗΜΑΙΑ
144	61101206	ΥΠΗΡΕΣΙΕΣ ΣΚΑΦΩΝ ΕΚΔΡΟΜΩΝ ΚΑΙ ΠΕΡΙΗΓΗΣΕΩΝ ΘΑΛΑΣΣΑΣ
145	61201202	ΥΠΗΡΕΣΙΕΣ ΣΚΑΦΩΝ ΕΚΔΡΟΜΩΝ ΚΑΙ ΠΕΡΙΗΓΗΣΕΩΝ ΠΟΤΑΜΩΝ, ΛΙΜΝΩΝ
146	62201000	ΥΠΗΡΕΣΙΕΣ ΜΗ ΠΡΟΓΡΑΜΜΑΤΙΣΜΕΝΩΝ ΕΝΑΕΡΙΩΝ ΜΕΤΑΦΟΡΩΝ ΕΠΙΒΑΤΩΝ
147	62201001	ΥΠΗΡΕΣΙΕΣ ΑΕΡΟΤΑΞΙ (ΠΟΥ ΠΑΡΕΧΟΝΤΑΙ ΑΠΟ ΕΛΙΚΟΠΤΕΡΑ Η ΑΕΡΟΣΚΑΦΗ)
148	71100000	ΕΚΜΙΣΘΩΣΗ ΑΥΤΟΚΙΝΗΤΩΝ
149	71101000	ΥΠΗΡΕΣΙΕΣ ΧΡΗΜΑΤΟΔΟΤΙΚΗΣ ΜΙΣΘΩΣΗΣ Η ΕΝΟΙΚΙΑΣΗΣ ΙΔΙΩΤΙΚΩΝ ΑΥΤΟΚΙΝΗΤΩΝ ΚΑΙ ΕΛΑΦΡΩΝ ΚΛΕΙΣΤΩΝ ΦΟΡΤΗΓΩΝ ΜΕΧΡΙ 3500 kg, ΧΩΡΙΣ ΟΔΗΓΟ
150	71101001	ΥΠΗΡΕΣΙΕΣ ΕΝΟΙΚΙΑΣΗΣ ΕΠΙΒΑΤΗΓΩΝ ΑΥΤΟΚΙΝΗΤΩΝ, ΧΩΡΙΣ ΟΔΗΓΟ
151	71211400	ΥΠΗΡΕΣΙΕΣ ΧΡΗΜΑΤΟΔΟΤΙΚΗΣ ΜΙΣΘΩΣΗΣ Η ΕΝΟΙΚΙΑΣΗΣ ΜΟΤΟΣΙΚΛΕΤΩΝ ΚΑΙ ΤΡΟΧΟΣΠΙΤΩΝ
152	71211401	ΥΠΗΡΕΣΙΕΣ ΕΝΟΙΚΙΑΣΗΣ ΜΟΤΟΠΟΔΗΛΑΤΩΝ
153	71211402	ΥΠΗΡΕΣΙΕΣ ΕΝΟΙΚΙΑΣΗΣ ΜΟΤΟΣΙΚΛΕΤΩΝ
154	71401400	ΥΠΗΡΕΣΙΕΣ ΧΡΗΜΑΤΟΔΟΤΙΚΗΣ ΜΙΣΘΩΣΗΣ Η ΕΝΟΙΚΙΑΣΗΣ ΕΞΟΠΛΙΣΜΟΥ ΑΝΑΨΥΧΗΣ ΚΑΙ ΨΥΧΑΓΩΓΙΑΣ
155	71401401	ΥΠΗΡΕΣΙΕΣ ΕΝΟΙΚΙΑΣΗΣ ΑΕΡΟΣΤΑΤΩΝ, ΑΝΕΜΟΠΛΑΝΩΝ, ΑΙΩΡΟΠΤΕΡΩΝ ΚΑΙ ΠΗΔΑΛΙΟΥΧΩΝ ΑΕΡΟΠΛΟΙΩΝ
156	71401402	ΥΠΗΡΕΣΙΕΣ ΕΝΟΙΚΙΑΣΗΣ ΑΛΟΓΩΝ ΙΠΠΑΣΙΑΣ
157	71401405	ΥΠΗΡΕΣΙΕΣ ΕΝΟΙΚΙΑΣΗΣ ΕΞΟΠΛΙΣΜΟΥ ΘΑΛΑΣΣΙΩΝ ΣΠΟΡ (ΚΥΜΑΤΟΣΑΝΙΔΩΝ, ΣΚΙ, ΛΕΜΒΩΝ)
158	71401406	ΥΠΗΡΕΣΙΕΣ ΕΝΟΙΚΙΑΣΗΣ ΠΛΟΙΩΝ ΨΥΧΑΓΩΓΙΑΣ (ΚΟΤΕΡΩΝ, ΘΑΛΑΜΗΓΩΝ, ΒΕΝΖΙΝΑΚΑΤΩΝ ΚΛΠ), ΧΩΡΙΣ ΠΛΗΡΩΜΑ
159	71401407	ΥΠΗΡΕΣΙΕΣ ΕΝΟΙΚΙΑΣΗΣ ΠΟΔΗΛΑΤΩΝ
160	71401408	ΥΠΗΡΕΣΙΕΣ ΜΙΣΘΩΣΗΣ ΑΘΛΗΤΙΚΟΥ ΕΞΟΠΛΙΣΜΟΥ (ΜΠΑΣΤΟΥΝΙΩΝ ΓΚΟΛΦ, ΡΑΚΕΤΩΝ, ΠΑΓΟΠΕΔΙΛΩΝ Κ.Α.Π.)
161	77110000	ΕΝΟΙΚΙΑΣΗ ΚΑΙ ΕΚΜΙΣΘΩΣΗ ΑΥΤΟΚΙΝΗΤΩΝ ΚΑΙ ΕΛΑΦΡΩΝ ΜΗΧΑΝΟΚΙΝΗΤΩΝ ΟΧΗΜΑΤΩΝ
162	77111000	ΥΠΗΡΕΣΙΕΣ ΕΝΟΙΚΙΑΣΗΣ ΚΑΙ ΧΡΗΜΑΤΟΔΟΤΙΚΗΣ ΜΙΣΘΩΣΗΣ ΑΥΤΟΚΙΝΗΤΩΝ ΚΑΙ ΕΛΑΦΡΩΝ ΜΗΧΑΝΟΚΙΝΗΤΩΝ ΟΧΗΜΑΤΩΝ
163	77111001	ΥΠΗΡΕΣΙΕΣ ΕΝΟΙΚΙΑΣΗΣ ΕΠΙΒΑΤΗΓΩΝ ΑΥΤΟΚΙΝΗΤΩΝ, ΧΩΡΙΣ ΟΔΗΓΟ
164	77211000	ΥΠΗΡΕΣΙΕΣ ΕΝΟΙΚΙΑΣΗΣ ΚΑΙ ΧΡΗΜΑΤΟΔΟΤΙΚΗΣ ΜΙΣΘΩΣΗΣ ΕΙΔΩΝ ΑΝΑΨΥΧΗΣ ΚΑΙ ΑΘΛΗΤΙΣΜΟΥ
165	77211001	ΥΠΗΡΕΣΙΕΣ ΕΝΟΙΚΙΑΣΗΣ ΑΕΡΟΣΤΑΤΩΝ, ΑΝΕΜΟΠΛΑΝΩΝ, ΑΙΩΡΟΠΤΕΡΩΝ ΚΑΙ ΠΗΔΑΛΙΟΥΧΩΝ ΑΕΡΟΠΛΟΙΩΝ
166	77211002	ΥΠΗΡΕΣΙΕΣ ΕΝΟΙΚΙΑΣΗΣ ΑΛΟΓΩΝ ΙΠΠΑΣΙΑΣ
167	77211004	ΥΠΗΡΕΣΙΕΣ ΕΝΟΙΚΙΑΣΗΣ ΕΞΟΠΛΙΣΜΟΥ ΘΑΛΑΣΣΙΩΝ ΣΠΟΡ (ΚΥΜΑΤΟΣΑΝΙΔΩΝ, ΣΚΙ, ΛΕΜΒΩΝ)
168	77211006	ΥΠΗΡΕΣΙΕΣ ΕΝΟΙΚΙΑΣΗΣ ΜΠΙΛΙΑΡΔΩΝ
169	77211007	ΥΠΗΡΕΣΙΕΣ ΕΝΟΙΚΙΑΣΗΣ ΠΛΟΙΩΝ ΨΥΧΑΓΩΓΙΑΣ (ΚΟΤΕΡΩΝ, ΘΑΛΑΜΗΓΩΝ, ΒΕΝΖΙΝΑΚΑΤΩΝ ΚΛΠ), ΧΩΡΙΣ ΠΛΗΡΩΜΑ
170	77211008	ΥΠΗΡΕΣΙΕΣ ΕΝΟΙΚΙΑΣΗΣ ΠΟΔΗΛΑΤΩΝ
171	77341000	ΥΠΗΡΕΣΙΕΣ ΕΝΟΙΚΙΑΣΗΣ ΚΑΙ ΧΡΗΜΑΤΟΔΟΤΙΚΗΣ ΜΙΣΘΩΣΗΣ ΥΔΑΤΙΝΟΥ ΜΕΤΑΦΟΡΙΚΟΥ ΕΞΟΠΛΙΣΜΟΥ
172	77341001	ΥΠΗΡΕΣΙΕΣ ΕΝΟΙΚΙΑΣΗΣ ΛΕΜΒΩΝ, ΧΩΡΙΣ ΠΛΗΡΩΜΑ
173	77341002	ΥΠΗΡΕΣΙΕΣ ΕΝΟΙΚΙΑΣΗΣ ΤΟΥΡΙΣΤΙΚΟΥ ΣΚΑΦΟΥΣ, ΧΩΡΙΣ ΠΛΗΡΩΜΑ
174	77391300	ΥΠΗΡΕΣΙΕΣ ΕΝΟΙΚΙΑΣΗΣ ΚΑΙ ΧΡΗΜΑΤΟΔΟΤΙΚΗΣ ΜΙΣΘΩΣΗΣ ΜΟΤΟΣΙΚΛΕΤΩΝ ΚΑΙ ΤΡΟΧΟΣΠΙΤΩΝ
175	77391301	ΥΠΗΡΕΣΙΕΣ ΕΝΟΙΚΙΑΣΗΣ ΜΟΤΟΠΟΔΗΛΑΤΩΝ
176	77391302	ΥΠΗΡΕΣΙΕΣ ΕΝΟΙΚΙΑΣΗΣ ΜΟΤΟΣΙΚΛΕΤΩΝ
177	85511002	ΥΠΗΡΕΣΙΕΣ ΕΚΜΑΘΗΣΗΣ ΘΑΛΑΣΣΙΩΝ ΣΠΟΡ
178	85511003	ΥΠΗΡΕΣΙΕΣ ΕΚΜΑΘΗΣΗΣ ΚΑΤΑΔΥΣΕΩΝ
179	92621305	ΥΠΗΡΕΣΙΕΣ ΕΚΜΑΘΗΣΗΣ ΘΑΛΑΣΣΙΩΝ ΣΠΟΡ
180	92721100	ΥΠΗΡΕΣΙΕΣ ΠΑΡΚΩΝ ΑΝΑΨΥΧΗΣ ΚΑΙ ΠΑΡΑΛΙΩΝ (ΠΛΑΖ)
181	92721101	ΥΠΗΡΕΣΙΕΣ ΑΠΟΔΥΤΗΡΙΩΝ ΚΑΙ ΒΕΣΤΙΑΡΙΩΝ ΠΑΡΑΛΙΩΝ (ΠΛΑΖ)
182	92721102	ΥΠΗΡΕΣΙΕΣ ΕΚΜΕΤΑΛΛΕΥΣΗΣ ΘΑΛΑΣΣΙΩΝ ΛΟΥΤΡΩΝ
183	92721103	ΥΠΗΡΕΣΙΕΣ ΕΚΜΕΤΑΛΛΕΥΣΗΣ ΠΑΙΧΝΙΔΙΩΝ ΘΑΛΑΣΣΑΣ (ΘΑΛΑΣΣΙΩΝ ΠΟΔΗΛΑΤΩΝ, ΚΑΝΟ ΚΑΙ ΠΑΡΟΜΟΙΩΝ ΕΙΔΩΝ ΑΝΑΨΥΧΗΣ)
184	92721104	ΥΠΗΡΕΣΙΕΣ ΜΙΣΘΩΣΗΣ ΚΑΘΙΣΜΑΤΩΝ ΠΑΡΑΛΙΩΝ (ΠΛΑΖ)
185	93291100	ΥΠΗΡΕΣΙΕΣ ΠΑΡΚΩΝ ΨΥΧΑΓΩΓΙΑΣ ΚΑΙ ΠΑΡΑΛΙΩΝ
186	93291101	ΥΠΗΡΕΣΙΕΣ ΑΠΟΔΥΤΗΡΙΩΝ ΚΑΙ ΒΕΣΤΙΑΡΙΩΝ ΠΑΡΑΛΙΩΝ (ΠΛΑΖ)
187	93291102	ΥΠΗΡΕΣΙΕΣ ΕΚΜΕΤΑΛΛΕΥΣΗΣ ΘΑΛΑΣΣΙΩΝ ΛΟΥΤΡΩΝ
188	93291104	ΥΠΗΡΕΣΙΕΣ ΕΚΜΕΤΑΛΛΕΥΣΗΣ ΠΑΙΧΝΙΔΙΩΝ ΘΑΛΑΣΣΑΣ (ΘΑΛΑΣΣΙΩΝ ΠΟΔΗΛΑΤΩΝ, ΚΑΝΟ ΚΑΙ ΠΑΡΟΜΟΙΩΝ ΕΙΔΩΝ ΑΝΑΨΥΧΗΣ)
189	93291105	ΥΠΗΡΕΣΙΕΣ ΜΙΣΘΩΣΗΣ ΟΜΠΡΕΛΩΝ Η/ΚΑΙ ΚΑΘΙΣΜΑΤΩΝ ΠΑΡΑΛΙΩΝ (ΠΛΑΖ)
190	93291106	ΥΠΗΡΕΣΙΕΣ ΠΑΡΚΟΥ ΑΝΑΨΥΧΗΣ

(β) σε ποσοστό 5% για το έτος 2026 στις επιχειρήσεις που δραστηριοποιούνται στην εδαφική περιφέρεια του Δήμου Τήνου και για τις δραστηριότητες που περιγράφονται με τους παρακάτω Κωδικούς Αριθμούς Δραστηριότητας:

Α/Α	ΚΑΔ	ΠΕΡΙΓΡΑΦΗ
1	55301105	ΥΠΗΡΕΣΙΕΣ ΠΑΡΟΧΗΣ ΓΕΥΜΑΤΩΝ ΑΠΟ ΚΕΝΤΡΟ ΔΙΑΣΚΕΔΑΣΗΣ - ΚΟΣΜΙΚΗ ΤΑΒΕΡΝΑ
2	55401007	ΥΠΗΡΕΣΙΕΣ ΠΟΥ ΠΑΡΕΧΟΝΤΑΙ ΑΠΟ ΚΕΝΤΡΟ ΔΙΑΣΚΕΔΑΣΗΣ ΚΑΜΠΑΡΕ Η ΝΑΙΤ ΚΛΑΜΠ
3	55401008	ΥΠΗΡΕΣΙΕΣ ΠΟΥ ΠΑΡΕΧΟΝΤΑΙ ΑΠΟ ΚΕΝΤΡΟ ΔΙΑΣΚΕΔΑΣΗΣ - ΚΑΦΩΔΕΙΟ
4	55401009	ΥΠΗΡΕΣΙΕΣ ΠΟΥ ΠΑΡΕΧΟΝΤΑΙ ΑΠΟ ΚΕΝΤΡΟ ΔΙΑΣΚΕΔΑΣΗΣ - ΜΠΟΥΑΤ
5	55401010	ΥΠΗΡΕΣΙΕΣ ΠΟΥ ΠΑΡΕΧΟΝΤΑΙ ΑΠΟ ΚΕΝΤΡΟ ΔΙΑΣΚΕΔΑΣΗΣ - ΝΤΙΣΚΟΤΕΚ
6	55401013	ΥΠΗΡΕΣΙΕΣ ΠΟΥ ΠΑΡΕΧΟΝΤΑΙ ΑΠΟ ΧΟΡΕΥΤΙΚΟ ΚΕΝΤΡΟ
7	56101106	ΥΠΗΡΕΣΙΕΣ ΠΑΡΟΧΗΣ ΓΕΥΜΑΤΩΝ ΑΠΟ ΚΕΝΤΡΟ ΔΙΑΣΚΕΔΑΣΗΣ - ΚΟΣΜΙΚΗ ΤΑΒΕΡΝΑ
8	56301001	ΥΠΗΡΕΣΙΕΣ ΜΠΑΡ, ΠΟΥ ΠΑΡΕΧΟΝΤΑΙ ΑΠΟ ΧΟΡΕΥΤΙΚΟ ΚΕΝΤΡΟ
9	56301009	ΥΠΗΡΕΣΙΕΣ ΠΟΥ ΠΑΡΕΧΟΝΤΑΙ ΑΠΟ ΚΕΝΤΡΟ ΔΙΑΣΚΕΔΑΣΗΣ - ΚΑΜΠΑΡΕ Η ΝΑΙΤ ΚΛΑΜΠ
10	56301010	ΥΠΗΡΕΣΙΕΣ ΠΟΥ ΠΑΡΕΧΟΝΤΑΙ ΑΠΟ ΚΕΝΤΡΟ ΔΙΑΣΚΕΔΑΣΗΣ - ΚΑΦΩΔΕΙΟ
11	56301011	ΥΠΗΡΕΣΙΕΣ ΠΟΥ ΠΑΡΕΧΟΝΤΑΙ ΑΠΟ ΚΕΝΤΡΟ ΔΙΑΣΚΕΔΑΣΗΣ - ΜΠΟΥΑΤ
12	56301012	ΥΠΗΡΕΣΙΕΣ ΠΟΥ ΠΑΡΕΧΟΝΤΑΙ ΑΠΟ ΚΕΝΤΡΟ ΔΙΑΣΚΕΔΑΣΗΣ - ΝΤΙΣΚΟΤΕΚ
Ο Πρόεδρος του Δημοτικού Συμβουλίου
Νικόλαος Γκίζης
